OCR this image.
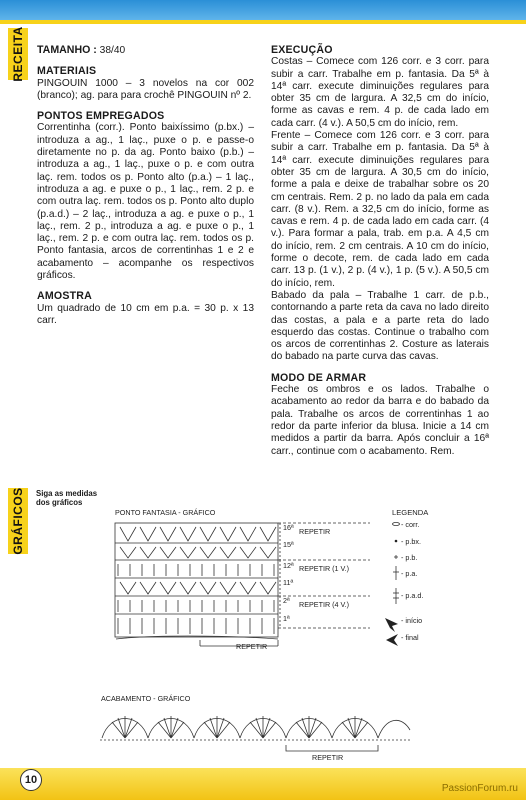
RECEITA TAMANHO : 38/40

MATERIAIS

PINGOUIN 1000 – 3 novelos na cor 002 (branco); ag. para para crochê PINGOUIN nº 2.

PONTOS EMPREGADOS

Correntinha (corr.). Ponto baixíssimo (p.bx.) – introduza a ag., 1 laç., puxe o p. e passe-o diretamente no p. da ag. Ponto baixo (p.b.) – introduza a ag., 1 laç., puxe o p. e com outra laç. rem. todos os p. Ponto alto (p.a.) – 1 laç., introduza a ag. e puxe o p., 1 laç., rem. 2 p. e com outra laç. rem. todos os p. Ponto alto duplo (p.a.d.) – 2 laç., introduza a ag. e puxe o p., 1 laç., rem. 2 p., introduza a ag. e puxe o p., 1 laç., rem. 2 p. e com outra laç. rem. todos os p. Ponto fantasia, arcos de correntinhas 1 e 2 e acabamento – acompanhe os respectivos gráficos.

AMOSTRA

Um quadrado de 10 cm em p.a. = 30 p. x 13 carr.

EXECUÇÃO

Costas – Comece com 126 corr. e 3 corr. para subir a carr. Trabalhe em p. fantasia. Da 5ª à 14ª carr. execute diminuições regulares para obter 35 cm de largura. A 32,5 cm do início, forme as cavas e rem. 4 p. de cada lado em cada carr. (4 v.). A 50,5 cm do início, rem.

Frente – Comece com 126 corr. e 3 corr. para subir a carr. Trabalhe em p. fantasia. Da 5ª à 14ª carr. execute diminuições regulares para obter 35 cm de largura. A 30,5 cm do início, forme a pala e deixe de trabalhar sobre os 20 cm centrais. Rem. 2 p. no lado da pala em cada carr. (8 v.). Rem. a 32,5 cm do início, forme as cavas e rem. 4 p. de cada lado em cada carr. (4 v.). Para formar a pala, trab. em p.a. A 4,5 cm do início, rem. 2 cm centrais. A 10 cm do início, forme o decote, rem. de cada lado em cada carr. 13 p. (1 v.), 2 p. (4 v.), 1 p. (5 v.). A 50,5 cm do início, rem.

Babado da pala – Trabalhe 1 carr. de p.b., contornando a parte reta da cava no lado direito das costas, a pala e a parte reta do lado esquerdo das costas. Continue o trabalho com os arcos de correntinhas 2. Costure as laterais do babado na parte curva das cavas.

MODO DE ARMAR

Feche os ombros e os lados. Trabalhe o acabamento ao redor da barra e do babado da pala. Trabalhe os arcos de correntinhas 1 ao redor da parte inferior da blusa. Inicie a 14 cm medidos a partir da barra. Após concluir a 16ª carr., continue com o acabamento. Rem.

GRÁFICOS Siga as medidas
dos gráficos
PONTO FANTASIA - GRÁFICO
16ª
15ª
12ª
11ª
2ª
1ª
REPETIR
REPETIR (1 V.)
REPETIR (4 V.)
REPETIR
LEGENDA
- corr.
- p.bx.
- p.b.
- p.a.
- p.a.d.
- início
- final
ACABAMENTO - GRÁFICO
REPETIR
10
PassionForum.ru
